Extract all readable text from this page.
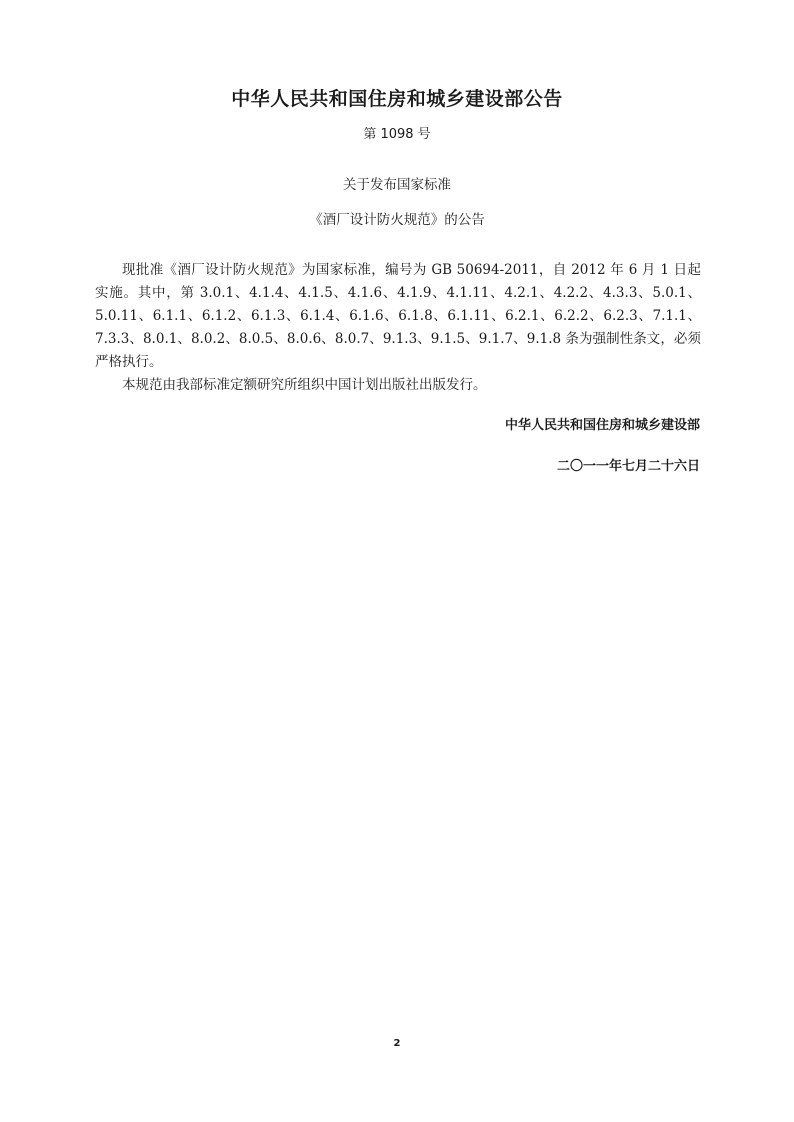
中华人民共和国住房和城乡建设部公告
第 1098 号
关于发布国家标准
《酒厂设计防火规范》的公告

现批准《酒厂设计防火规范》为国家标准，编号为 GB 50694-2011，自 2012 年 6 月 1 日起实施。其中，第 3.0.1、4.1.4、4.1.5、4.1.6、4.1.9、4.1.11、4.2.1、4.2.2、4.3.3、5.0.1、5.0.11、6.1.1、6.1.2、6.1.3、6.1.4、6.1.6、6.1.8、6.1.11、6.2.1、6.2.2、6.2.3、7.1.1、7.3.3、8.0.1、8.0.2、8.0.5、8.0.6、8.0.7、9.1.3、9.1.5、9.1.7、9.1.8 条为强制性条文，必须严格执行。

本规范由我部标准定额研究所组织中国计划出版社出版发行。

中华人民共和国住房和城乡建设部
二〇一一年七月二十六日
2
